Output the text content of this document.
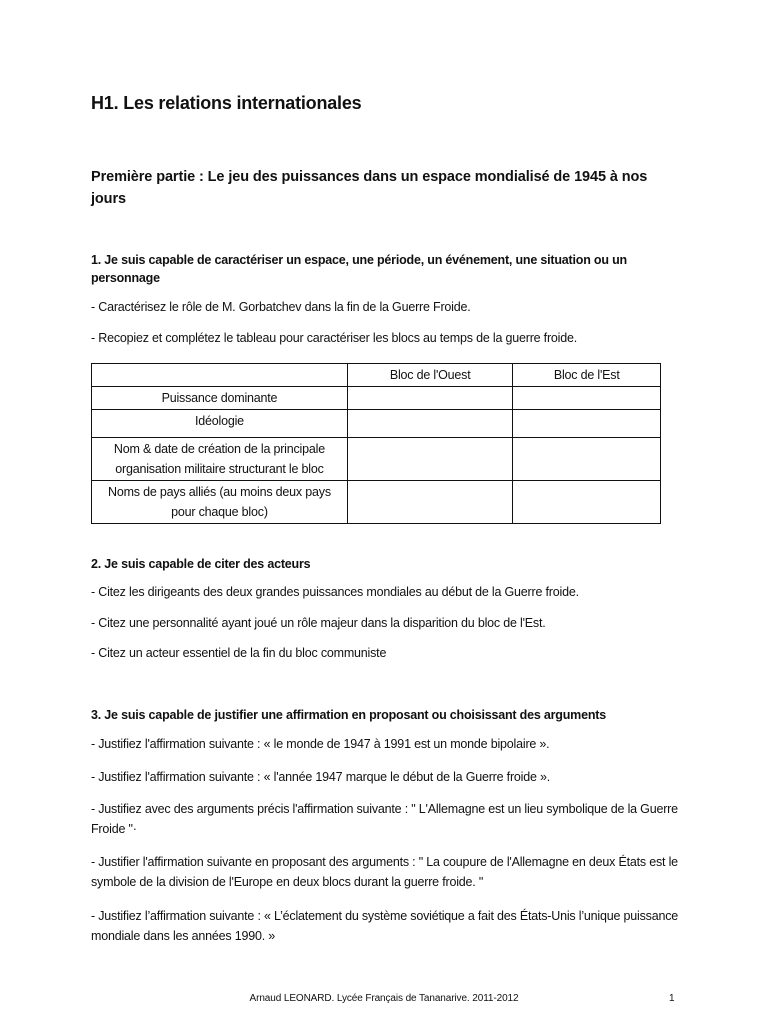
H1. Les relations internationales
Première partie : Le jeu des puissances dans un espace mondialisé de 1945 à nos jours
1. Je suis capable de caractériser un espace, une période, un événement, une situation ou un personnage

- Caractérisez le rôle de M. Gorbatchev dans la fin de la Guerre Froide.

- Recopiez et complétez le tableau pour caractériser les blocs au temps de la guerre froide.

	Bloc de l'Ouest	Bloc de l'Est
Puissance dominante		
Idéologie		
Nom & date de création de la principale organisation militaire structurant le bloc		
Noms de pays alliés (au moins deux pays pour chaque bloc)		
2. Je suis capable de citer des acteurs

- Citez les dirigeants des deux grandes puissances mondiales au début de la Guerre froide.

- Citez une personnalité ayant joué un rôle majeur dans la disparition du bloc de l'Est.

- Citez un acteur essentiel de la fin du bloc communiste

3. Je suis capable de justifier une affirmation en proposant ou choisissant des arguments

- Justifiez l'affirmation suivante : « le monde de 1947 à 1991 est un monde bipolaire ».

- Justifiez l'affirmation suivante : « l'année 1947 marque le début de la Guerre froide ».

- Justifiez avec des arguments précis l'affirmation suivante : " L'Allemagne est un lieu symbolique de la Guerre Froide "·

- Justifier l'affirmation suivante en proposant des arguments : " La coupure de l'Allemagne en deux États est le symbole de la division de l'Europe en deux blocs durant la guerre froide. "

- Justifiez l’affirmation suivante : « L’éclatement du système soviétique a fait des États-Unis l’unique puissance mondiale dans les années 1990. »

Arnaud LEONARD. Lycée Français de Tananarive. 2011-2012	1
